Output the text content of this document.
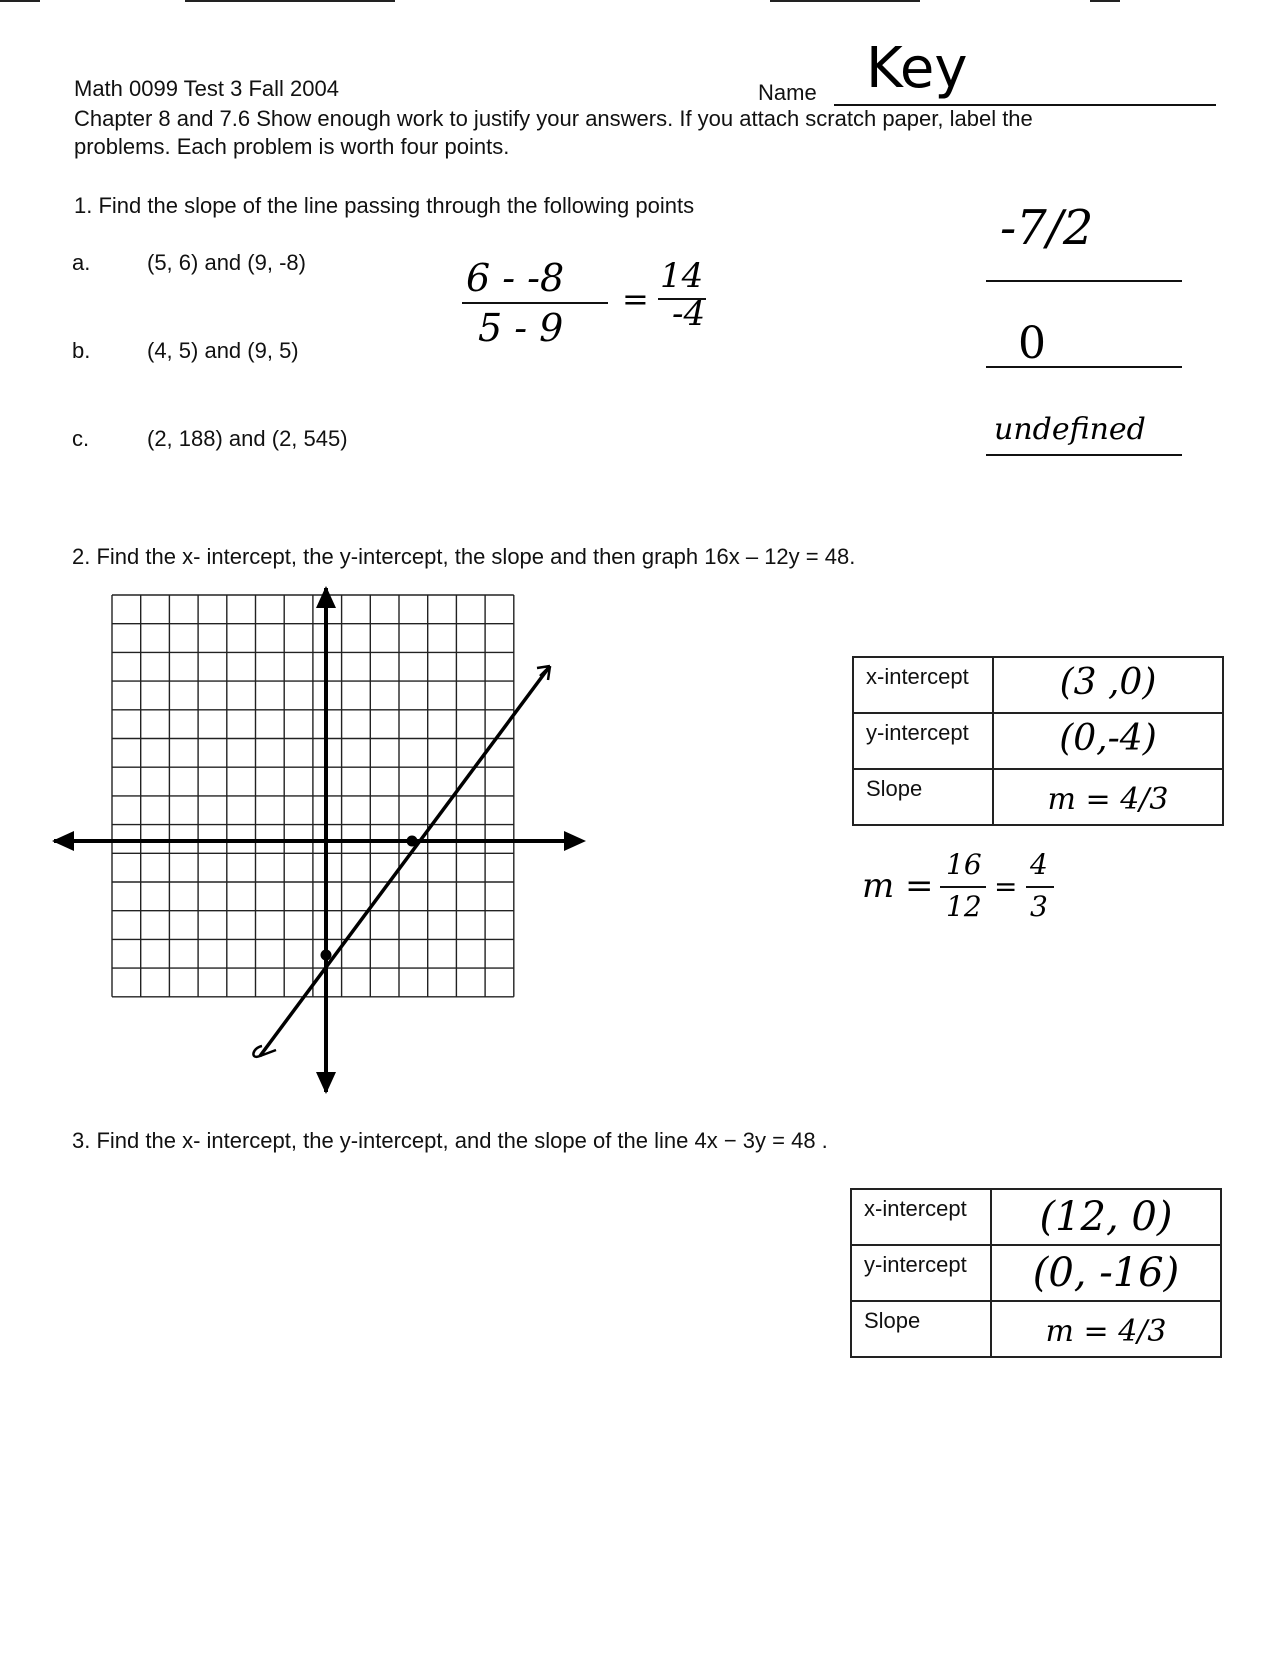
Math 0099 Test 3 Fall 2004	Name Key
Chapter 8 and 7.6 Show enough work to justify your answers. If you attach scratch paper, label the
problems. Each problem is worth four points.
1. Find the slope of the line passing through the following points
a.	(5, 6) and (9, -8)
b.	(4, 5) and (9, 5)
c.	(2, 188) and (2, 545)
6 - -8
5 - 9
=
14
-4
-7/2
0
undefined
2. Find the x- intercept, the y-intercept, the slope and then graph 16x – 12y = 48.
x-intercept	(3 ,0)
y-intercept	(0,-4)
Slope	m = 4/3
m =
16
12
=
4
3
3. Find the x- intercept, the y-intercept, and the slope of the line 4x − 3y = 48 .
x-intercept	(12, 0)
y-intercept	(0, -16)
Slope	m = 4/3
